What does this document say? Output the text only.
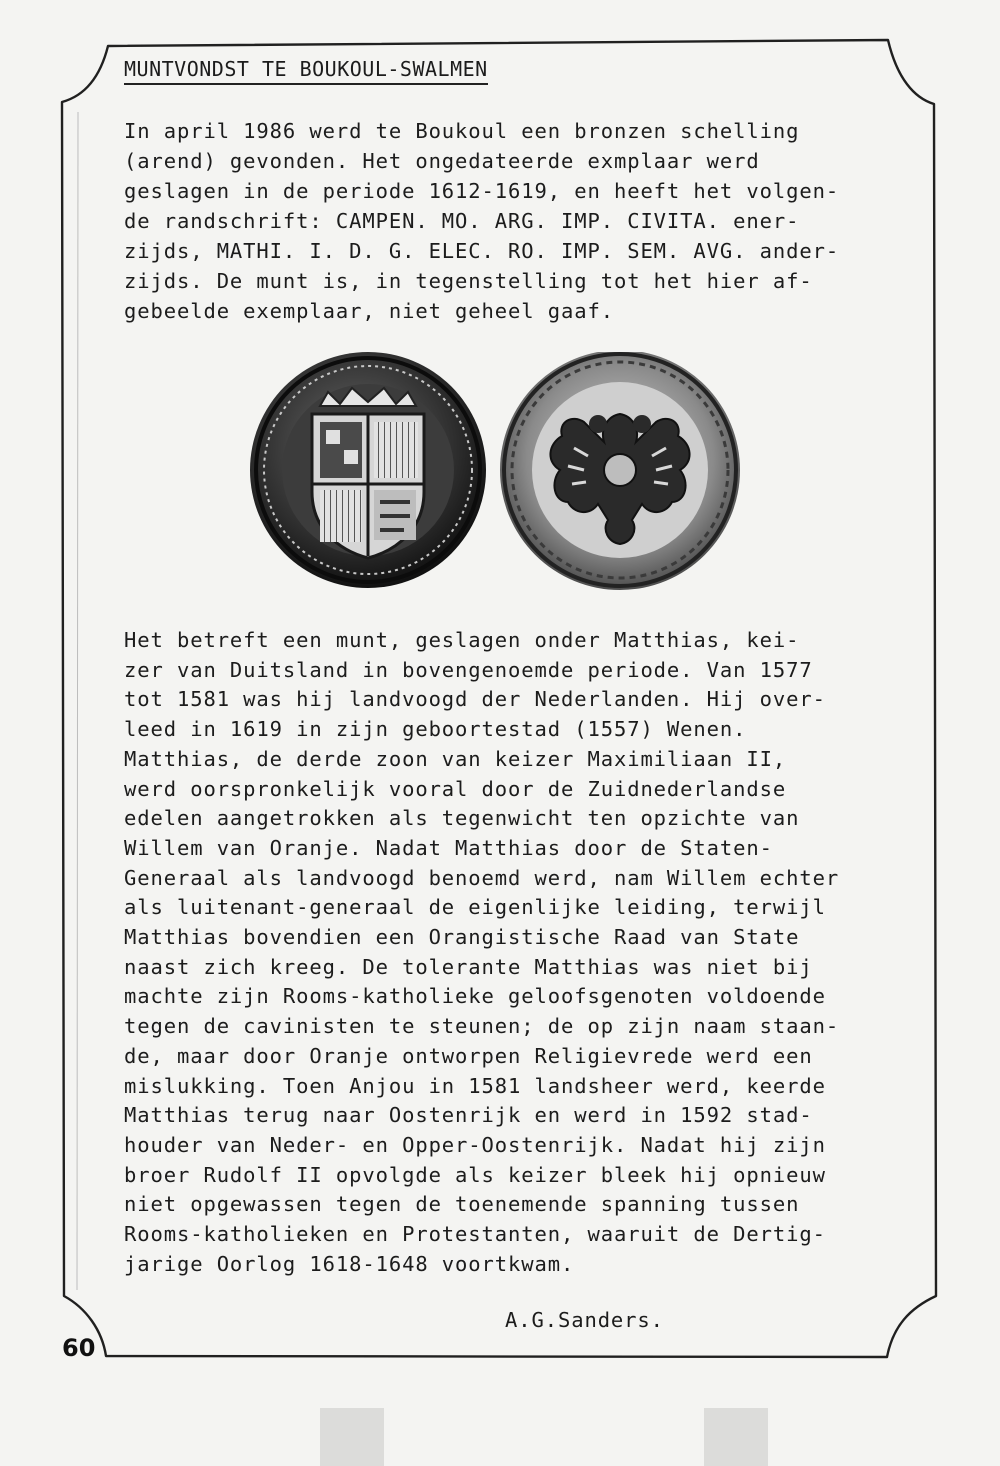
MUNTVONDST TE BOUKOUL-SWALMEN
In april 1986 werd te Boukoul een bronzen schelling
(arend) gevonden. Het ongedateerde exmplaar werd
geslagen in de periode 1612-1619, en heeft het volgen-
de randschrift: CAMPEN. MO. ARG. IMP. CIVITA. ener-
zijds, MATHI. I. D. G. ELEC. RO. IMP. SEM. AVG. ander-
zijds. De munt is, in tegenstelling tot het hier af-
gebeelde exemplaar, niet geheel gaaf.
Het betreft een munt, geslagen onder Matthias, kei-
zer van Duitsland in bovengenoemde periode. Van 1577
tot 1581 was hij landvoogd der Nederlanden. Hij over-
leed in 1619 in zijn geboortestad (1557) Wenen.
Matthias, de derde zoon van keizer Maximiliaan II,
werd oorspronkelijk vooral door de Zuidnederlandse
edelen aangetrokken als tegenwicht ten opzichte van
Willem van Oranje. Nadat Matthias door de Staten-
Generaal als landvoogd benoemd werd, nam Willem echter
als luitenant-generaal de eigenlijke leiding, terwijl
Matthias bovendien een Orangistische Raad van State
naast zich kreeg. De tolerante Matthias was niet bij
machte zijn Rooms-katholieke geloofsgenoten voldoende
tegen de cavinisten te steunen; de op zijn naam staan-
de, maar door Oranje ontworpen Religievrede werd een
mislukking. Toen Anjou in 1581 landsheer werd, keerde
Matthias terug naar Oostenrijk en werd in 1592 stad-
houder van Neder- en Opper-Oostenrijk. Nadat hij zijn
broer Rudolf II opvolgde als keizer bleek hij opnieuw
niet opgewassen tegen de toenemende spanning tussen
Rooms-katholieken en Protestanten, waaruit de Dertig-
jarige Oorlog 1618-1648 voortkwam.
A.G.Sanders.
60
